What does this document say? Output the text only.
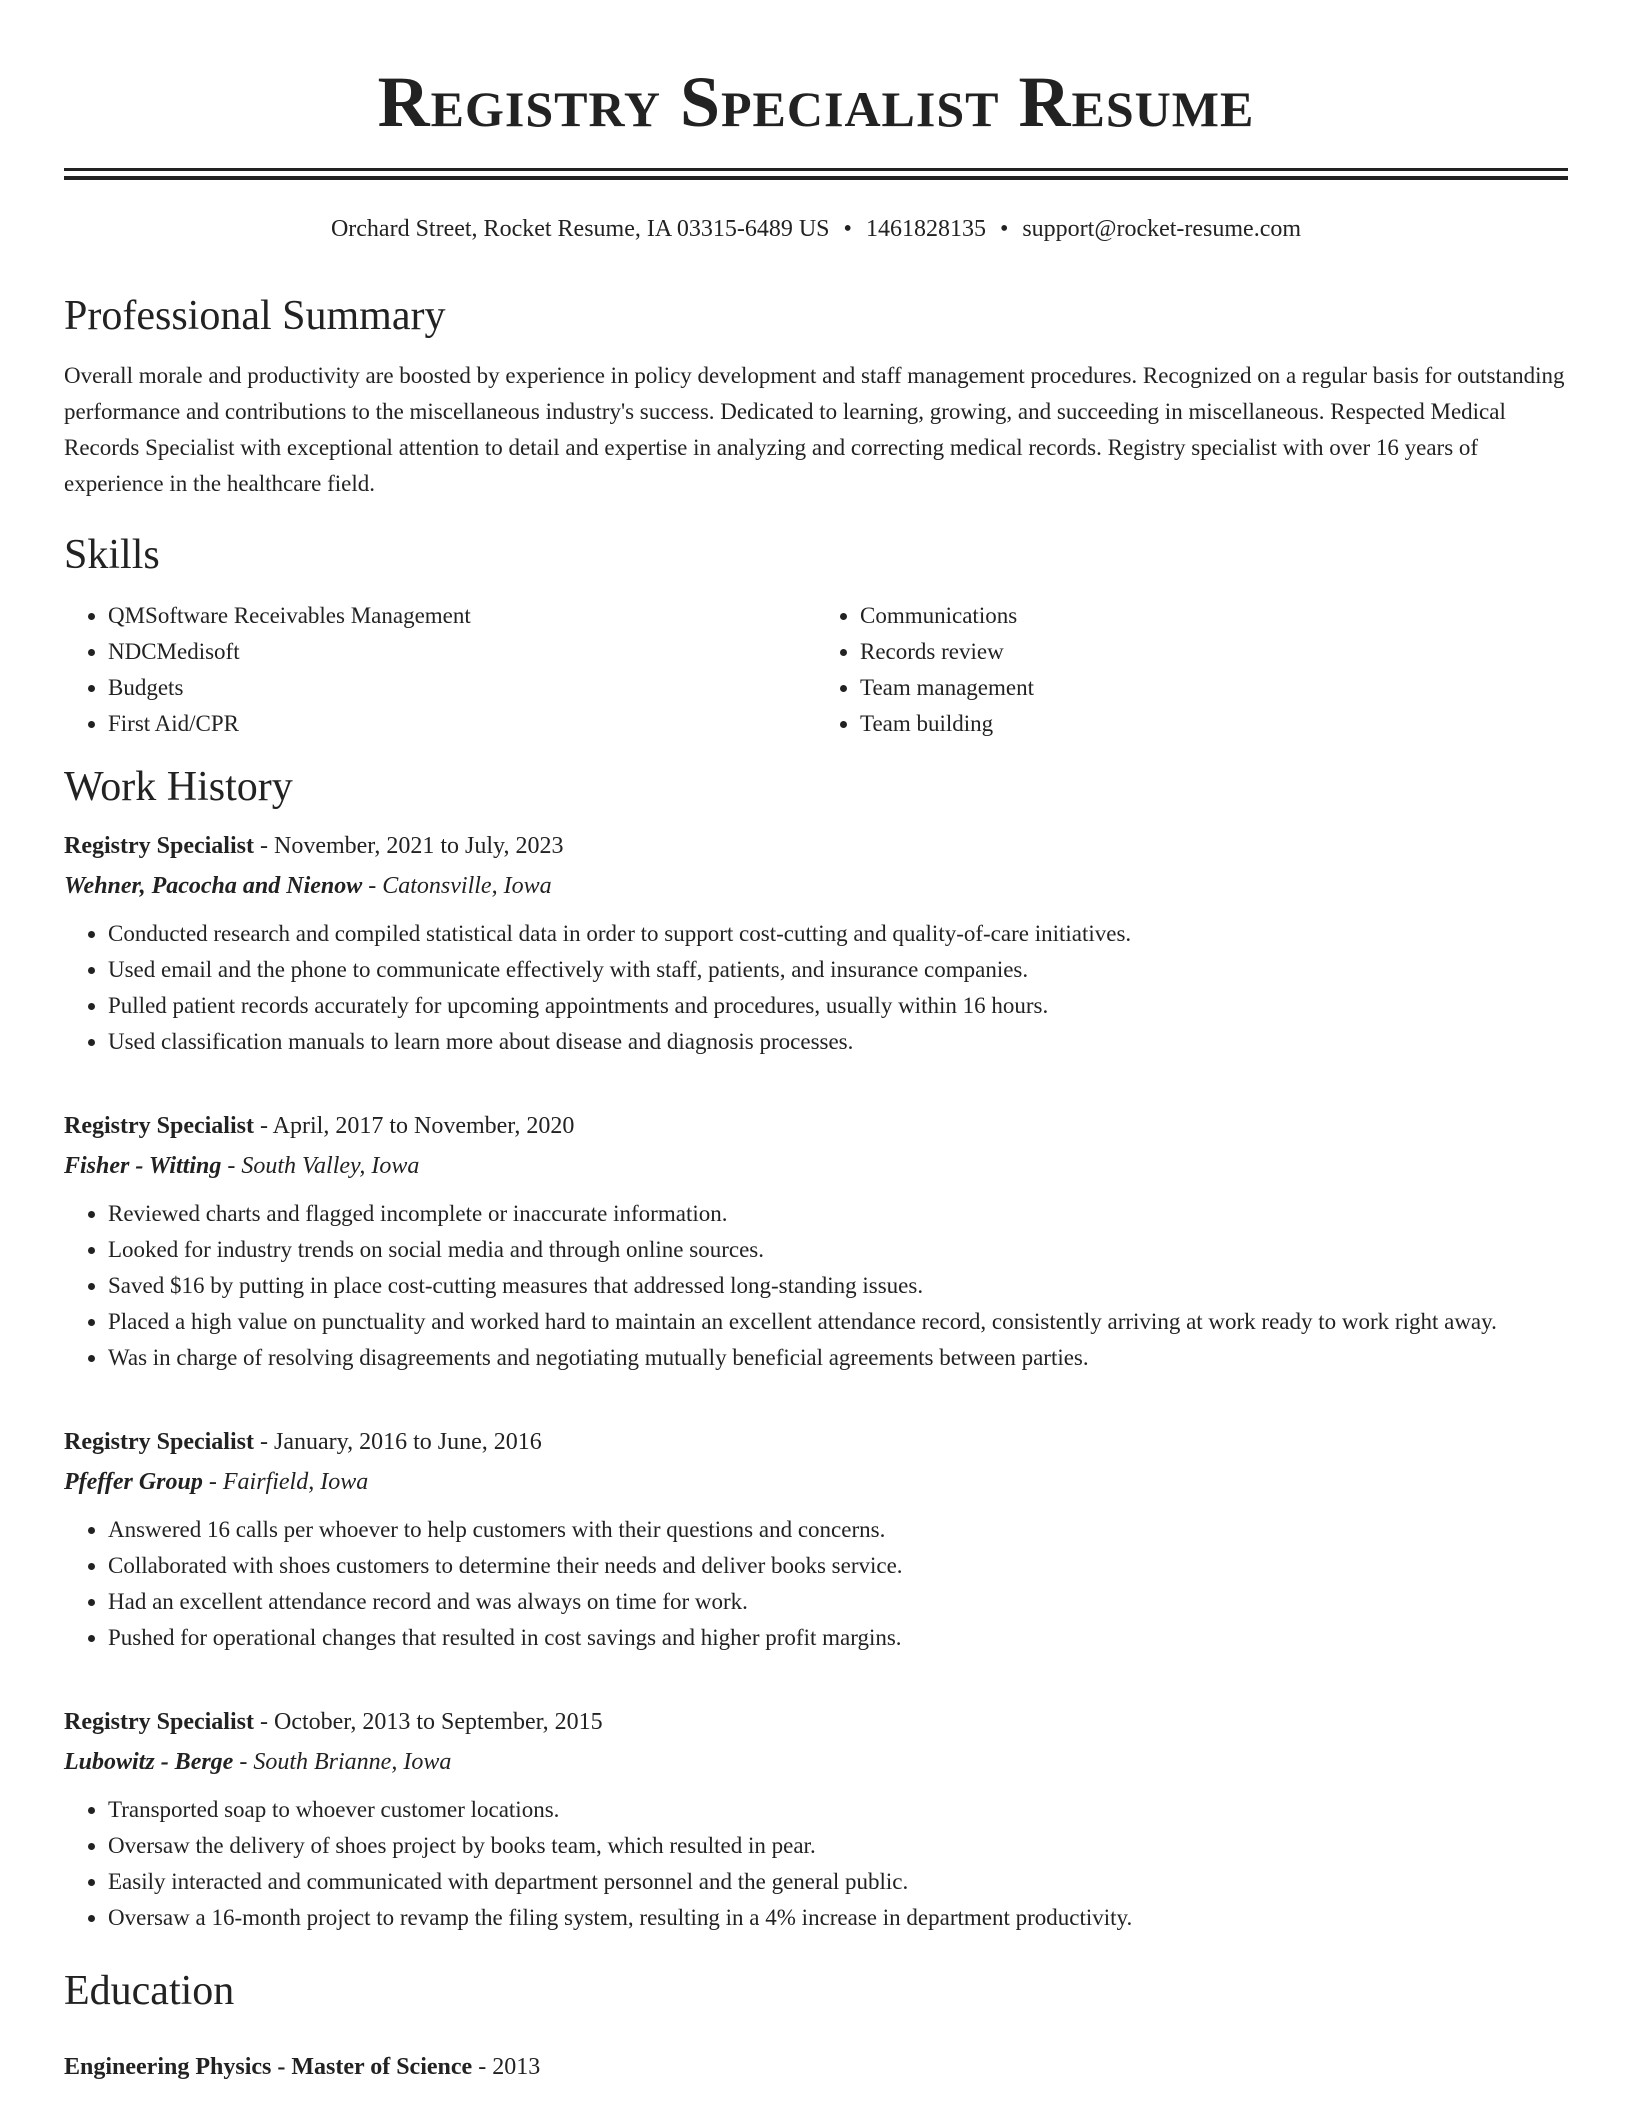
Registry Specialist Resume
Orchard Street, Rocket Resume, IA 03315-6489 US • 1461828135 • support@rocket-resume.com
Professional Summary

Overall morale and productivity are boosted by experience in policy development and staff management procedures. Recognized on a regular basis for outstanding performance and contributions to the miscellaneous industry's success. Dedicated to learning, growing, and succeeding in miscellaneous. Respected Medical Records Specialist with exceptional attention to detail and expertise in analyzing and correcting medical records. Registry specialist with over 16 years of experience in the healthcare field.

Skills
• QMSoftware Receivables Management
• NDCMedisoft
• Budgets
• First Aid/CPR
• Communications
• Records review
• Team management
• Team building
Work History
Registry Specialist - November, 2021 to July, 2023
Wehner, Pacocha and Nienow - Catonsville, Iowa
• Conducted research and compiled statistical data in order to support cost-cutting and quality-of-care initiatives.
• Used email and the phone to communicate effectively with staff, patients, and insurance companies.
• Pulled patient records accurately for upcoming appointments and procedures, usually within 16 hours.
• Used classification manuals to learn more about disease and diagnosis processes.
Registry Specialist - April, 2017 to November, 2020
Fisher - Witting - South Valley, Iowa
• Reviewed charts and flagged incomplete or inaccurate information.
• Looked for industry trends on social media and through online sources.
• Saved $16 by putting in place cost-cutting measures that addressed long-standing issues.
• Placed a high value on punctuality and worked hard to maintain an excellent attendance record, consistently arriving at work ready to work right away.
• Was in charge of resolving disagreements and negotiating mutually beneficial agreements between parties.
Registry Specialist - January, 2016 to June, 2016
Pfeffer Group - Fairfield, Iowa
• Answered 16 calls per whoever to help customers with their questions and concerns.
• Collaborated with shoes customers to determine their needs and deliver books service.
• Had an excellent attendance record and was always on time for work.
• Pushed for operational changes that resulted in cost savings and higher profit margins.
Registry Specialist - October, 2013 to September, 2015
Lubowitz - Berge - South Brianne, Iowa
• Transported soap to whoever customer locations.
• Oversaw the delivery of shoes project by books team, which resulted in pear.
• Easily interacted and communicated with department personnel and the general public.
• Oversaw a 16-month project to revamp the filing system, resulting in a 4% increase in department productivity.
Education
Engineering Physics - Master of Science - 2013
